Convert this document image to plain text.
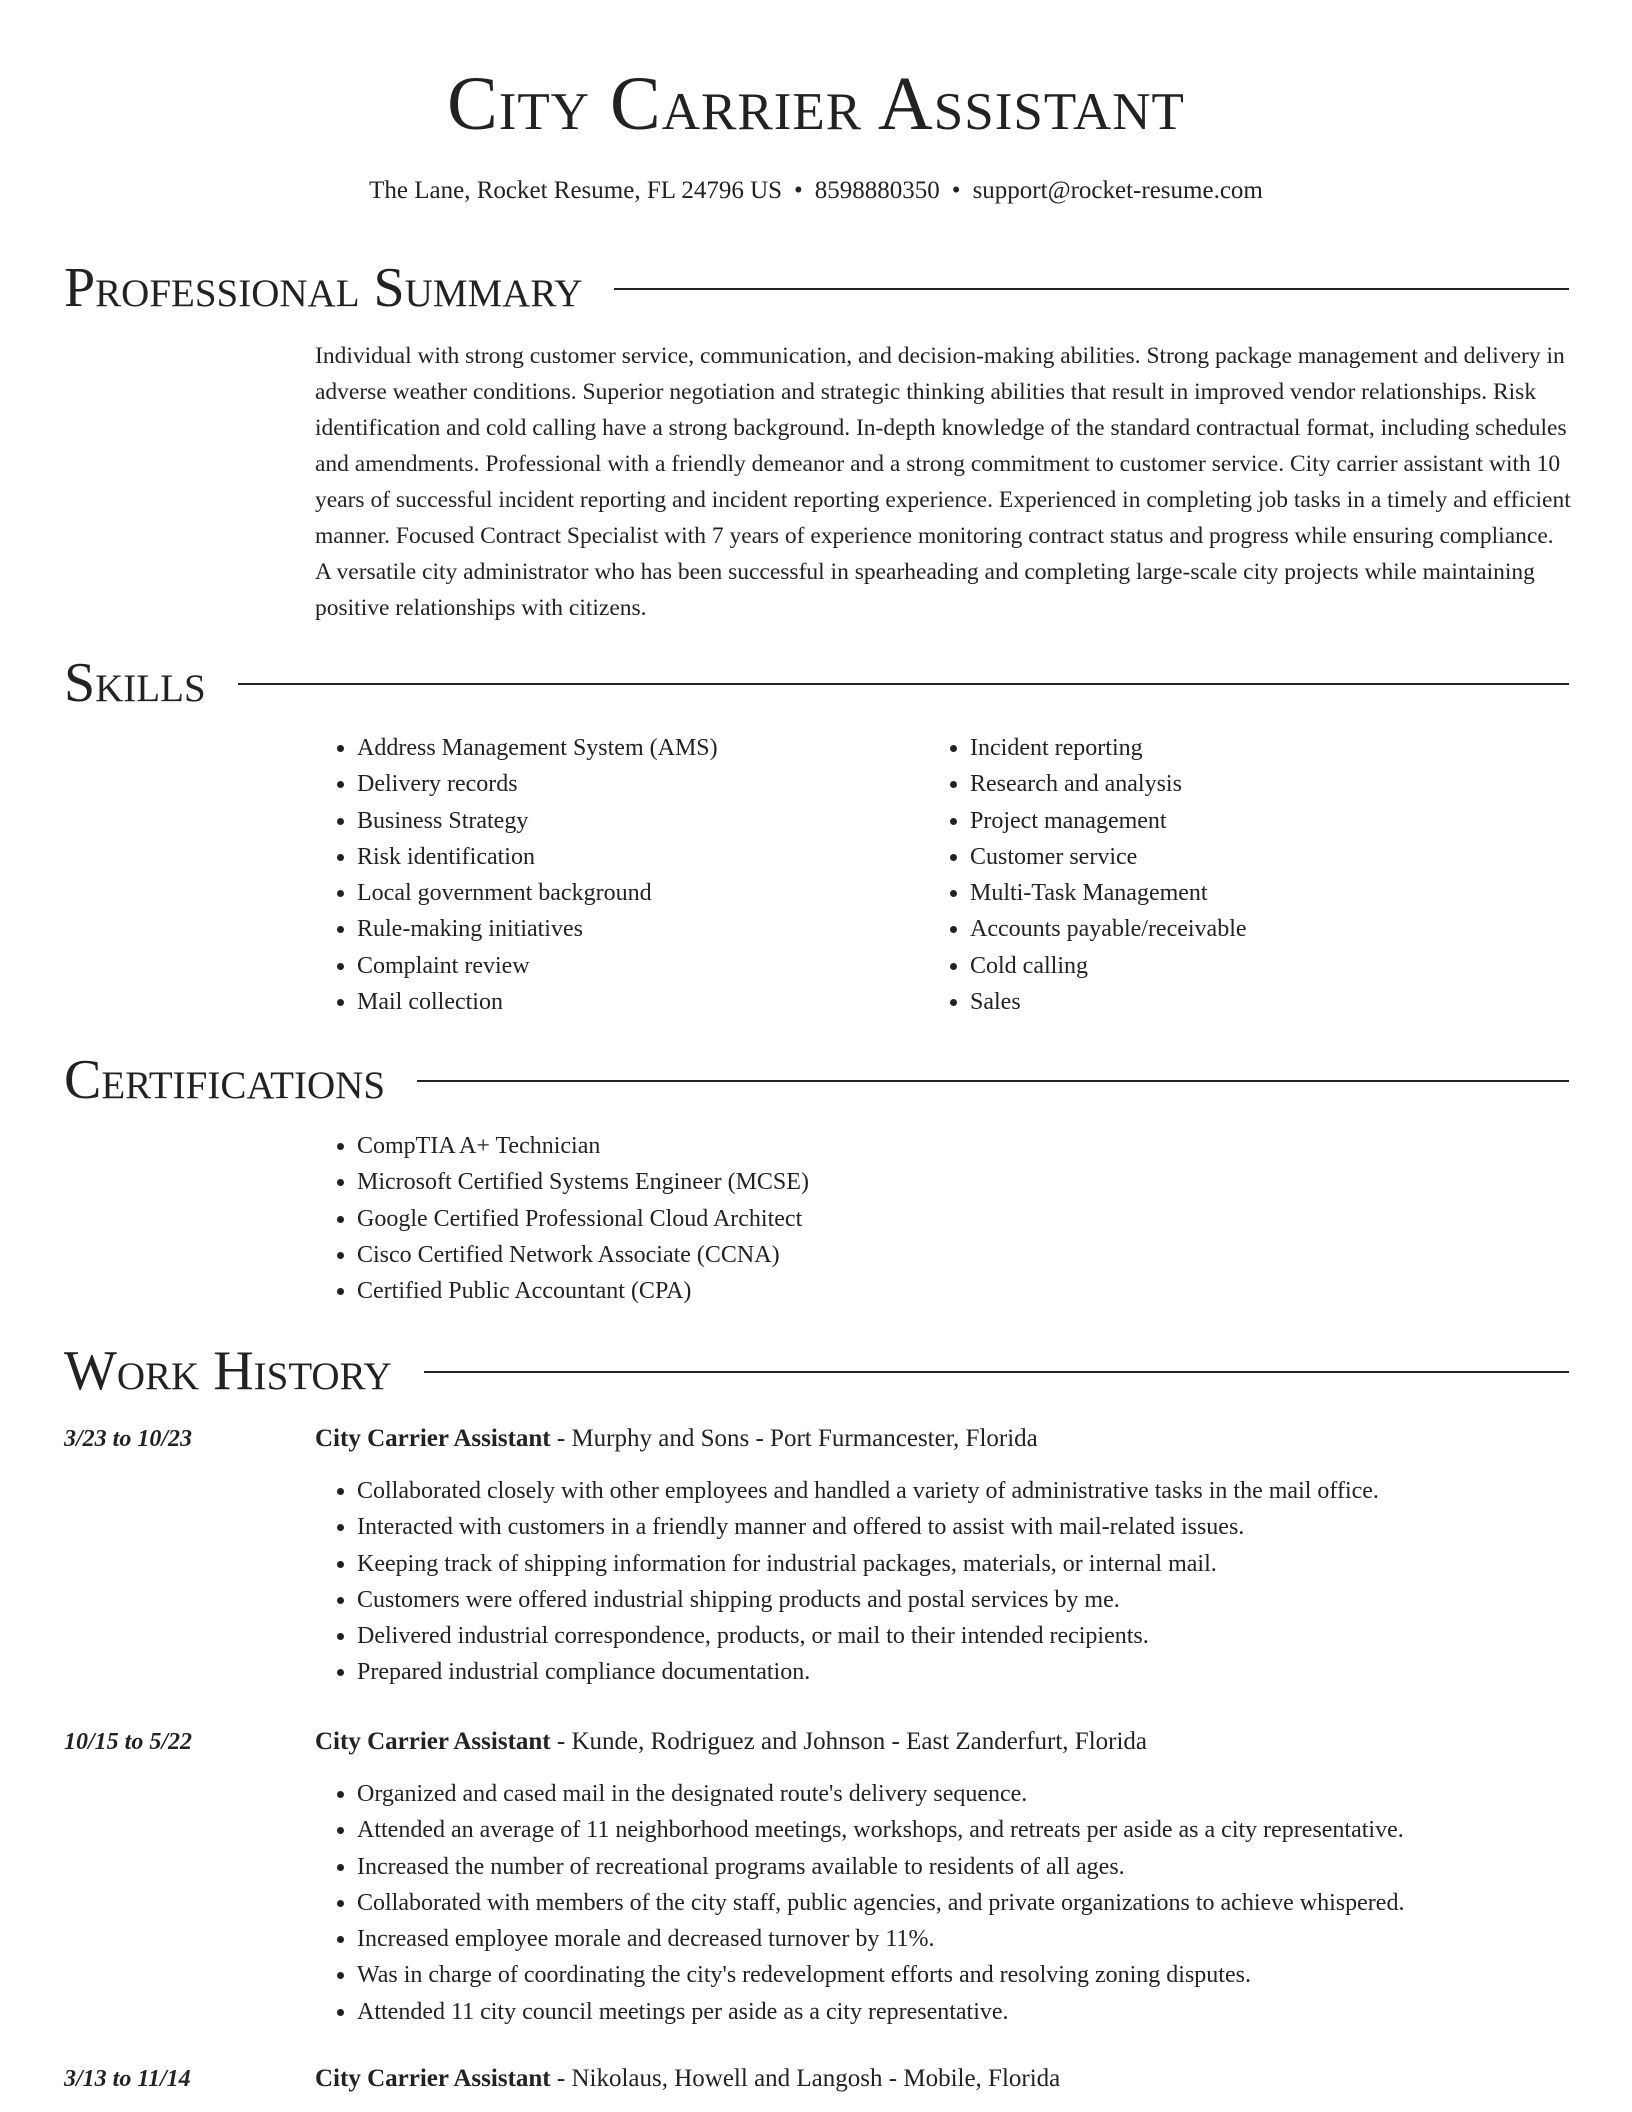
City Carrier Assistant
The Lane, Rocket Resume, FL 24796 US • 8598880350 • support@rocket-resume.com
Professional Summary

Individual with strong customer service, communication, and decision-making abilities. Strong package management and delivery in adverse weather conditions. Superior negotiation and strategic thinking abilities that result in improved vendor relationships. Risk identification and cold calling have a strong background. In-depth knowledge of the standard contractual format, including schedules and amendments. Professional with a friendly demeanor and a strong commitment to customer service. City carrier assistant with 10 years of successful incident reporting and incident reporting experience. Experienced in completing job tasks in a timely and efficient manner. Focused Contract Specialist with 7 years of experience monitoring contract status and progress while ensuring compliance. A versatile city administrator who has been successful in spearheading and completing large-scale city projects while maintaining positive relationships with citizens.

Skills
• Address Management System (AMS)
• Delivery records
• Business Strategy
• Risk identification
• Local government background
• Rule-making initiatives
• Complaint review
• Mail collection
• Incident reporting
• Research and analysis
• Project management
• Customer service
• Multi-Task Management
• Accounts payable/receivable
• Cold calling
• Sales
Certifications
• CompTIA A+ Technician
• Microsoft Certified Systems Engineer (MCSE)
• Google Certified Professional Cloud Architect
• Cisco Certified Network Associate (CCNA)
• Certified Public Accountant (CPA)
Work History
3/23 to 10/23	City Carrier Assistant - Murphy and Sons - Port Furmancester, Florida
• Collaborated closely with other employees and handled a variety of administrative tasks in the mail office.
• Interacted with customers in a friendly manner and offered to assist with mail-related issues.
• Keeping track of shipping information for industrial packages, materials, or internal mail.
• Customers were offered industrial shipping products and postal services by me.
• Delivered industrial correspondence, products, or mail to their intended recipients.
• Prepared industrial compliance documentation.
10/15 to 5/22	City Carrier Assistant - Kunde, Rodriguez and Johnson - East Zanderfurt, Florida
• Organized and cased mail in the designated route's delivery sequence.
• Attended an average of 11 neighborhood meetings, workshops, and retreats per aside as a city representative.
• Increased the number of recreational programs available to residents of all ages.
• Collaborated with members of the city staff, public agencies, and private organizations to achieve whispered.
• Increased employee morale and decreased turnover by 11%.
• Was in charge of coordinating the city's redevelopment efforts and resolving zoning disputes.
• Attended 11 city council meetings per aside as a city representative.
3/13 to 11/14	City Carrier Assistant - Nikolaus, Howell and Langosh - Mobile, Florida
